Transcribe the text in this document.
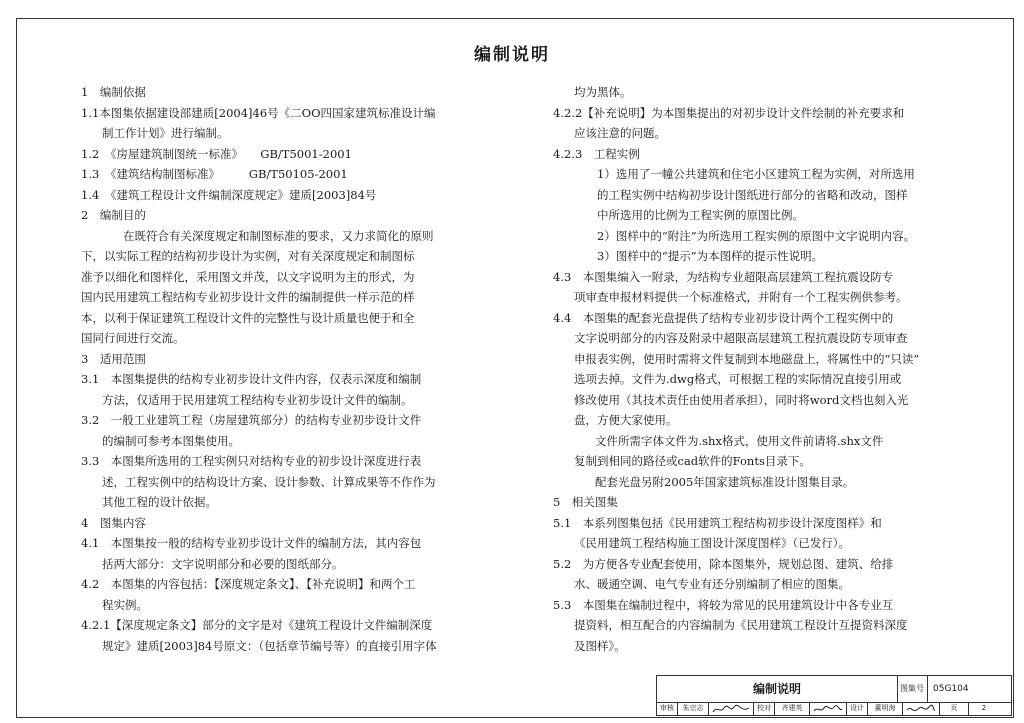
编制说明
1　编制依据
1.1本图集依据建设部建质[2004]46号《二OO四国家建筑标准设计编
制工作计划》进行编制。
1.2　《房屋建筑制图统一标准》　　GB/T5001-2001
1.3　《建筑结构制图标准》　　　GB/T50105-2001
1.4　《建筑工程设计文件编制深度规定》建质[2003]84号
2　编制目的
在既符合有关深度规定和制图标准的要求，又力求简化的原则
下，以实际工程的结构初步设计为实例，对有关深度规定和制图标
准予以细化和图样化，采用图文并茂，以文字说明为主的形式，为
国内民用建筑工程结构专业初步设计文件的编制提供一样示范的样
本，以利于保证建筑工程设计文件的完整性与设计质量也便于和全
国同行间进行交流。
3　适用范围
3.1　本图集提供的结构专业初步设计文件内容，仅表示深度和编制
方法，仅适用于民用建筑工程结构专业初步设计文件的编制。
3.2　一般工业建筑工程（房屋建筑部分）的结构专业初步设计文件
的编制可参考本图集使用。
3.3　本图集所选用的工程实例只对结构专业的初步设计深度进行表
述，工程实例中的结构设计方案、设计参数、计算成果等不作作为
其他工程的设计依据。
4　图集内容
4.1　本图集按一般的结构专业初步设计文件的编制方法，其内容包
括两大部分：文字说明部分和必要的图纸部分。
4.2　本图集的内容包括：【深度规定条文】、【补充说明】和两个工
程实例。
4.2.1【深度规定条文】部分的文字是对《建筑工程设计文件编制深度
规定》建质[2003]84号原文：（包括章节编号等）的直接引用字体
均为黑体。
4.2.2【补充说明】为本图集提出的对初步设计文件绘制的补充要求和
应该注意的问题。
4.2.3　工程实例
1）选用了一幢公共建筑和住宅小区建筑工程为实例，对所选用
的工程实例中结构初步设计图纸进行部分的省略和改动，图样
中所选用的比例为工程实例的原图比例。
2）图样中的“附注”为所选用工程实例的原图中文字说明内容。
3）图样中的“提示”为本图样的提示性说明。
4.3　本图集编入一附录，为结构专业超限高层建筑工程抗震设防专
项审查申报材料提供一个标准格式，并附有一个工程实例供参考。
4.4　本图集的配套光盘提供了结构专业初步设计两个工程实例中的
文字说明部分的内容及附录中超限高层建筑工程抗震设防专项审查
申报表实例，使用时需将文件复制到本地磁盘上，将属性中的“只读”
选项去掉。文件为.dwg格式，可根据工程的实际情况直接引用或
修改使用（其技术责任由使用者承担），同时将word文档也刻入光
盘，方便大家使用。
文件所需字体文件为.shx格式，使用文件前请将.shx文件
复制到相同的路径或cad软件的Fonts目录下。
配套光盘另附2005年国家建筑标准设计图集目录。
5　相关图集
5.1　本系列图集包括《民用建筑工程结构初步设计深度图样》和
《民用建筑工程结构施工图设计深度图样》（已发行）。
5.2　为方便各专业配套使用，除本图集外，规划总图、建筑、给排
水、暖通空调、电气专业有还分别编制了相应的图集。
5.3　本图集在编制过程中，将较为常见的民用建筑设计中各专业互
提资料，相互配合的内容编制为《民用建筑工程设计互提资料深度
及图样》。
编制说明	图集号	05G104
审核	朱宗志	校对	齐建英	设计	董明海	页	2
